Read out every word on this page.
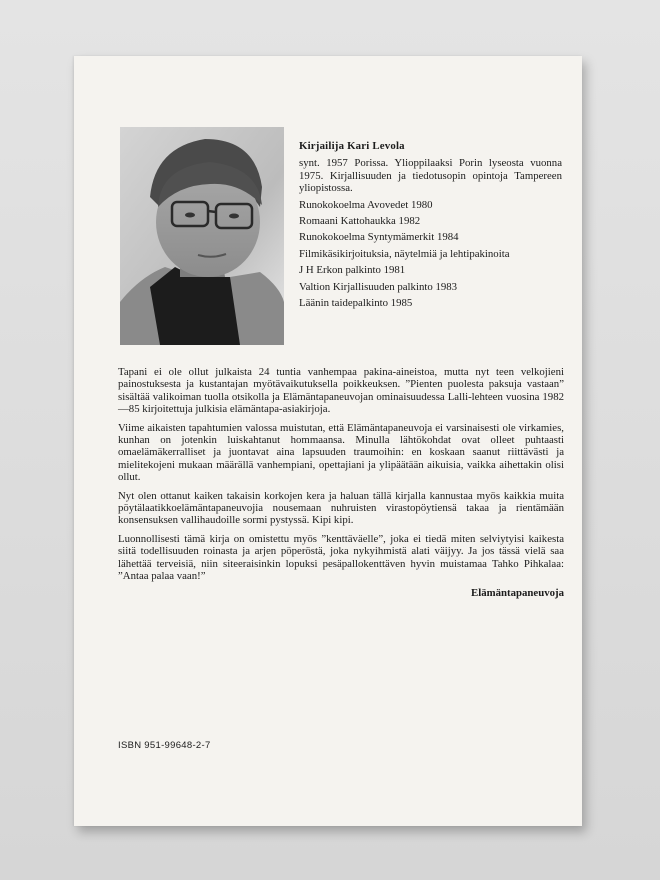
Kirjailija Kari Levola
synt. 1957 Porissa. Ylioppilaaksi Porin lyseosta vuonna 1975. Kirjallisuuden ja tiedotusopin opintoja Tampereen yliopistossa.
Runokokoelma Avovedet 1980
Romaani Kattohaukka 1982
Runokokoelma Syntymämerkit 1984
Filmikäsikirjoituksia, näytelmiä ja lehtipakinoita
J H Erkon palkinto 1981
Valtion Kirjallisuuden palkinto 1983
Läänin taidepalkinto 1985

Tapani ei ole ollut julkaista 24 tuntia vanhempaa pakina-aineistoa, mutta nyt teen velkojieni painostuksesta ja kustantajan myötävaikutuksella poikkeuksen. ”Pienten puolesta paksuja vastaan” sisältää valikoiman tuolla otsikolla ja Elämäntapaneuvojan ominaisuudessa Lalli-lehteen vuosina 1982—85 kirjoitettuja julkisia elämäntapa-asiakirjoja.

Viime aikaisten tapahtumien valossa muistutan, että Elämäntapaneuvoja ei varsinaisesti ole virkamies, kunhan on jotenkin luiskahtanut hommaansa. Minulla lähtökohdat ovat olleet puhtaasti omaelämäkerralliset ja juontavat aina lapsuuden traumoihin: en koskaan saanut riittävästi ja mielitekojeni mukaan määrällä vanhempiani, opettajiani ja ylipäätään aikuisia, vaikka aihettakin olisi ollut.

Nyt olen ottanut kaiken takaisin korkojen kera ja haluan tällä kirjalla kannustaa myös kaikkia muita pöytälaatikkoelämäntapaneuvojia nousemaan nuhruisten virastopöytiensä takaa ja rientämään konsensuksen vallihaudoille sormi pystyssä. Kipi kipi.

Luonnollisesti tämä kirja on omistettu myös ”kenttäväelle”, joka ei tiedä miten selviytyisi kaikesta siitä todellisuuden roinasta ja arjen pöperöstä, joka nykyihmistä alati väijyy. Ja jos tässä vielä saa lähettää terveisiä, niin siteeraisinkin lopuksi pesäpallokenttäven hyvin muistamaa Tahko Pihkalaa: ”Antaa palaa vaan!”

Elämäntapaneuvoja
ISBN 951-99648-2-7
